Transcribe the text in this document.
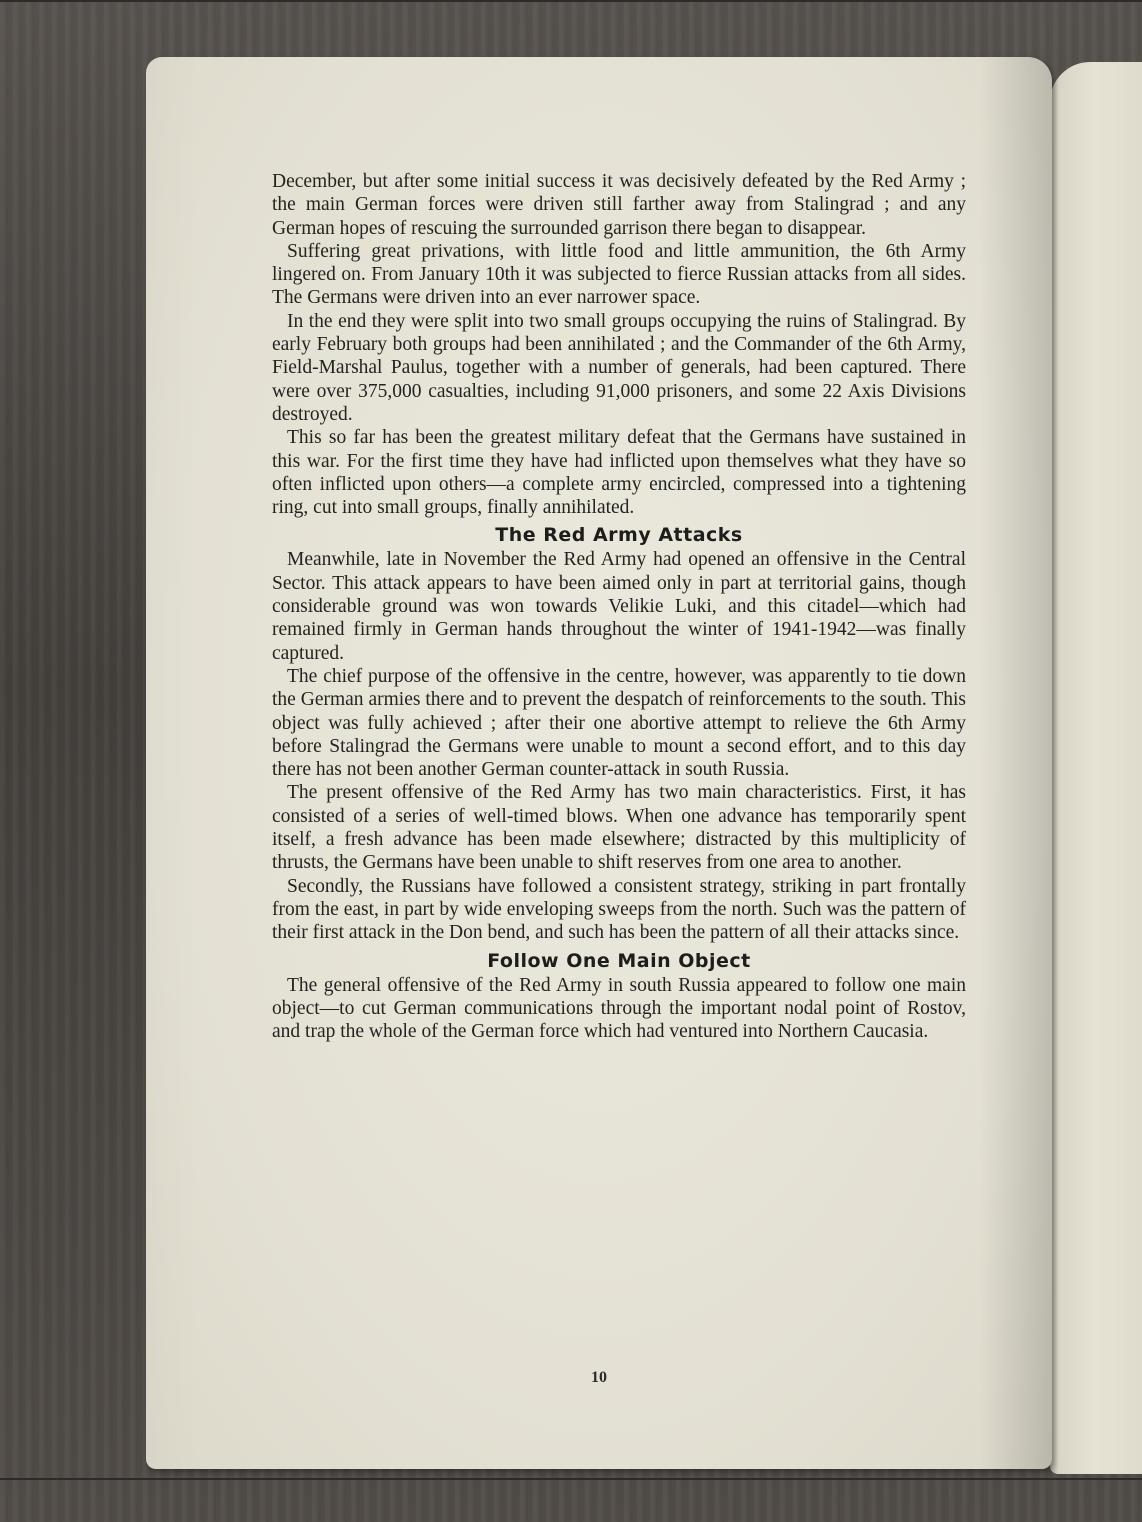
December, but after some initial success it was decisively defeated by the Red Army ; the main German forces were driven still farther away from Stalingrad ; and any German hopes of rescuing the surrounded garrison there began to disappear.

Suffering great privations, with little food and little ammunition, the 6th Army lingered on. From January 10th it was subjected to fierce Russian attacks from all sides. The Germans were driven into an ever narrower space.

In the end they were split into two small groups occupying the ruins of Stalingrad. By early February both groups had been annihilated ; and the Commander of the 6th Army, Field-Marshal Paulus, together with a number of generals, had been captured. There were over 375,000 casualties, including 91,000 prisoners, and some 22 Axis Divisions destroyed.

This so far has been the greatest military defeat that the Germans have sustained in this war. For the first time they have had inflicted upon themselves what they have so often inflicted upon others—a complete army encircled, compressed into a tightening ring, cut into small groups, finally annihilated.

The Red Army Attacks

Meanwhile, late in November the Red Army had opened an offensive in the Central Sector. This attack appears to have been aimed only in part at territorial gains, though considerable ground was won towards Velikie Luki, and this citadel—which had remained firmly in German hands throughout the winter of 1941-1942—was finally captured.

The chief purpose of the offensive in the centre, however, was apparently to tie down the German armies there and to prevent the despatch of reinforcements to the south. This object was fully achieved ; after their one abortive attempt to relieve the 6th Army before Stalingrad the Germans were unable to mount a second effort, and to this day there has not been another German counter-attack in south Russia.

The present offensive of the Red Army has two main characteristics. First, it has consisted of a series of well-timed blows. When one advance has temporarily spent itself, a fresh advance has been made elsewhere; distracted by this multiplicity of thrusts, the Germans have been unable to shift reserves from one area to another.

Secondly, the Russians have followed a consistent strategy, striking in part frontally from the east, in part by wide enveloping sweeps from the north. Such was the pattern of their first attack in the Don bend, and such has been the pattern of all their attacks since.

Follow One Main Object

The general offensive of the Red Army in south Russia appeared to follow one main object—to cut German communications through the important nodal point of Rostov, and trap the whole of the German force which had ventured into Northern Caucasia.

10
